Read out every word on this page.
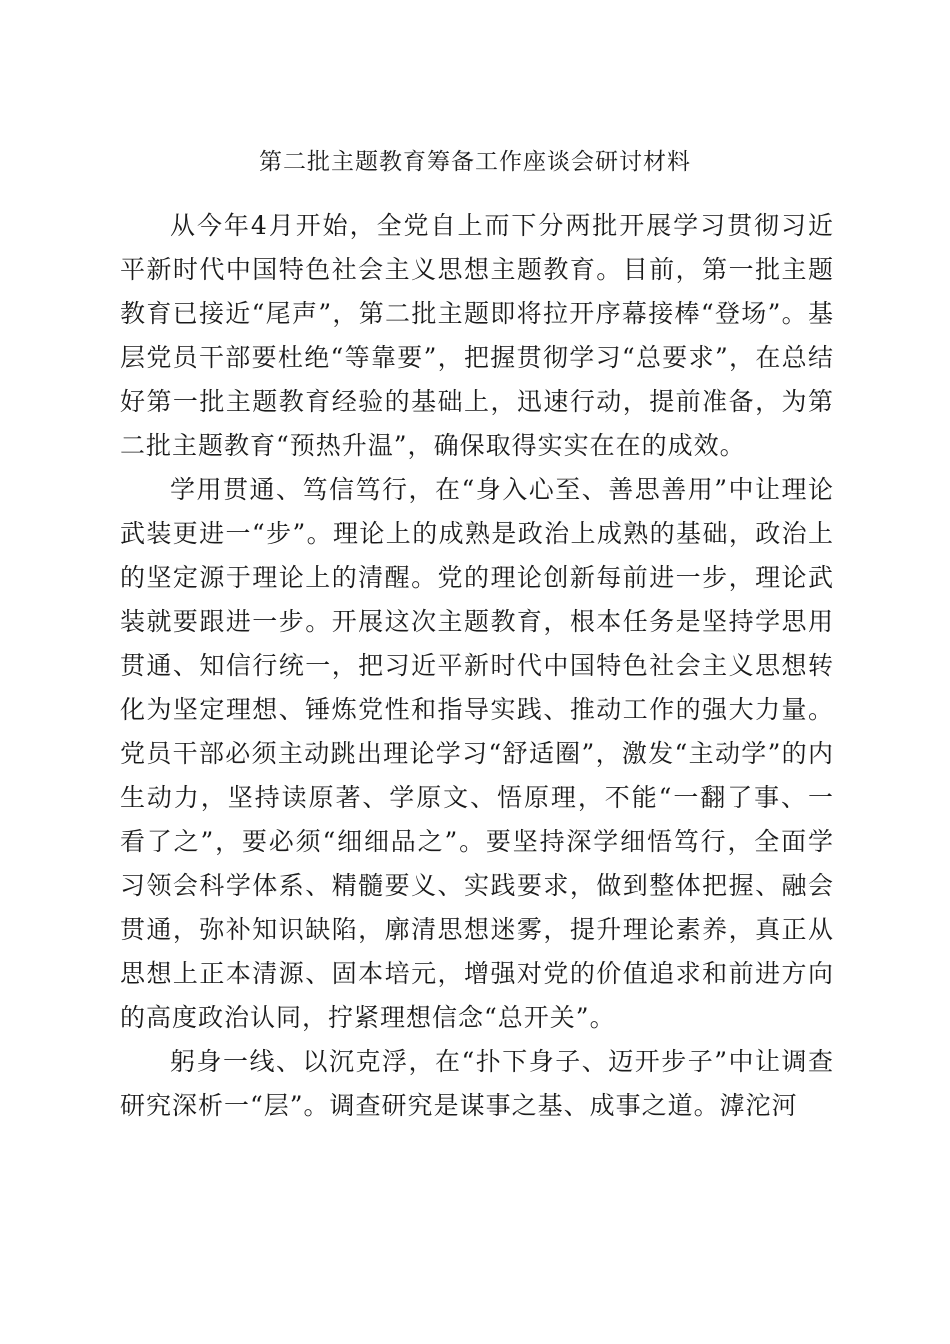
第二批主题教育筹备工作座谈会研讨材料

从今年4月开始，全党自上而下分两批开展学习贯彻习近平新时代中国特色社会主义思想主题教育。目前，第一批主题教育已接近“尾声”，第二批主题即将拉开序幕接棒“登场”。基层党员干部要杜绝“等靠要”，把握贯彻学习“总要求”，在总结好第一批主题教育经验的基础上，迅速行动，提前准备，为第二批主题教育“预热升温”，确保取得实实在在的成效。

学用贯通、笃信笃行，在“身入心至、善思善用”中让理论武装更进一“步”。理论上的成熟是政治上成熟的基础，政治上的坚定源于理论上的清醒。党的理论创新每前进一步，理论武装就要跟进一步。开展这次主题教育，根本任务是坚持学思用贯通、知信行统一，把习近平新时代中国特色社会主义思想转化为坚定理想、锤炼党性和指导实践、推动工作的强大力量。党员干部必须主动跳出理论学习“舒适圈”，激发“主动学”的内生动力，坚持读原著、学原文、悟原理，不能“一翻了事、一看了之”，要必须“细细品之”。要坚持深学细悟笃行，全面学习领会科学体系、精髓要义、实践要求，做到整体把握、融会贯通，弥补知识缺陷，廓清思想迷雾，提升理论素养，真正从思想上正本清源、固本培元，增强对党的价值追求和前进方向的高度政治认同，拧紧理想信念“总开关”。

躬身一线、以沉克浮，在“扑下身子、迈开步子”中让调查研究深析一“层”。调查研究是谋事之基、成事之道。滹沱河
